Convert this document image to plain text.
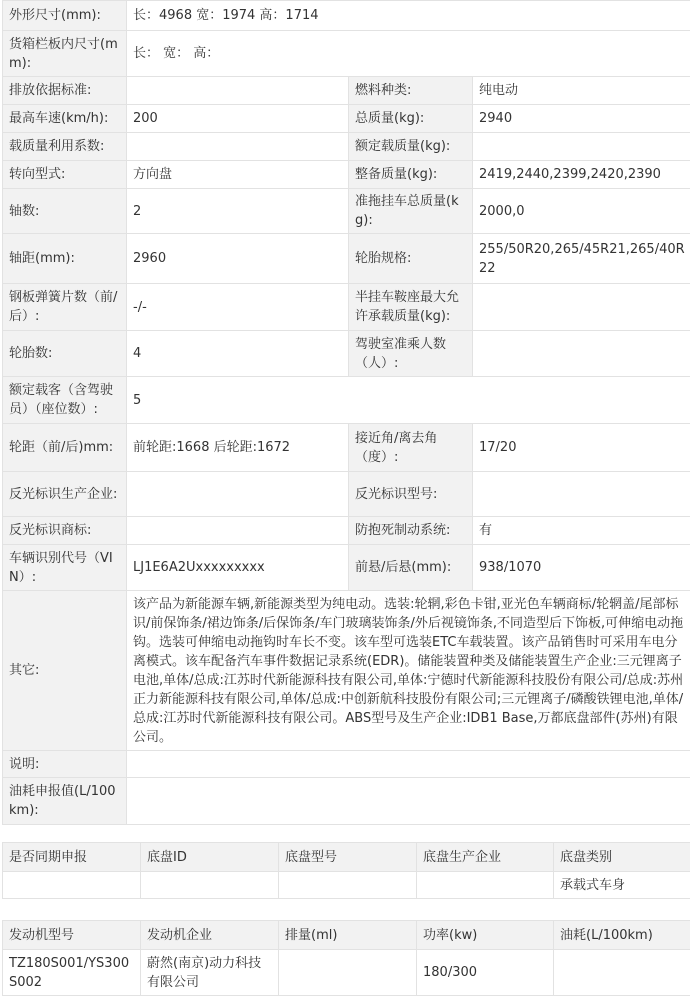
外形尺寸(mm):	长：4968 宽：1974 高：1714		
货箱栏板内尺寸(mm):	长： 宽： 高：		
排放依据标准:		燃料种类:	纯电动
最高车速(km/h):	200	总质量(kg):	2940
载质量利用系数:		额定载质量(kg):	
转向型式:	方向盘	整备质量(kg):	2419,2440,2399,2420,2390
轴数:	2	准拖挂车总质量(kg):	2000,0
轴距(mm):	2960	轮胎规格:	255/50R20,265/45R21,265/40R22
钢板弹簧片数（前/后）:	-/-	半挂车鞍座最大允许承载质量(kg):	
轮胎数:	4	驾驶室准乘人数（人）:	
额定载客（含驾驶员）（座位数）:	5		
轮距（前/后)mm:	前轮距:1668 后轮距:1672	接近角/离去角（度）:	17/20
反光标识生产企业:		反光标识型号:	
反光标识商标:		防抱死制动系统:	有
车辆识别代号（VIN）:	LJ1E6A2Uxxxxxxxxx	前悬/后悬(mm):	938/1070
其它:	该产品为新能源车辆,新能源类型为纯电动。选装:轮辋,彩色卡钳,亚光色车辆商标/轮辋盖/尾部标识/前保饰条/裙边饰条/后保饰条/车门玻璃装饰条/外后视镜饰条,不同造型后下饰板,可伸缩电动拖钩。选装可伸缩电动拖钩时车长不变。该车型可选装ETC车载装置。该产品销售时可采用车电分离模式。该车配备汽车事件数据记录系统(EDR)。储能装置种类及储能装置生产企业:三元锂离子电池,单体/总成:江苏时代新能源科技有限公司,单体:宁德时代新能源科技股份有限公司/总成:苏州正力新能源科技有限公司,单体/总成:中创新航科技股份有限公司;三元锂离子/磷酸铁锂电池,单体/总成:江苏时代新能源科技有限公司。ABS型号及生产企业:IDB1 Base,万都底盘部件(苏州)有限公司。		
说明:			
油耗申报值(L/100km):			
是否同期申报	底盘ID	底盘型号	底盘生产企业	底盘类别
				承载式车身
发动机型号	发动机企业	排量(ml)	功率(kw)	油耗(L/100km)
TZ180S001/YS300S002	蔚然(南京)动力科技有限公司		180/300	
